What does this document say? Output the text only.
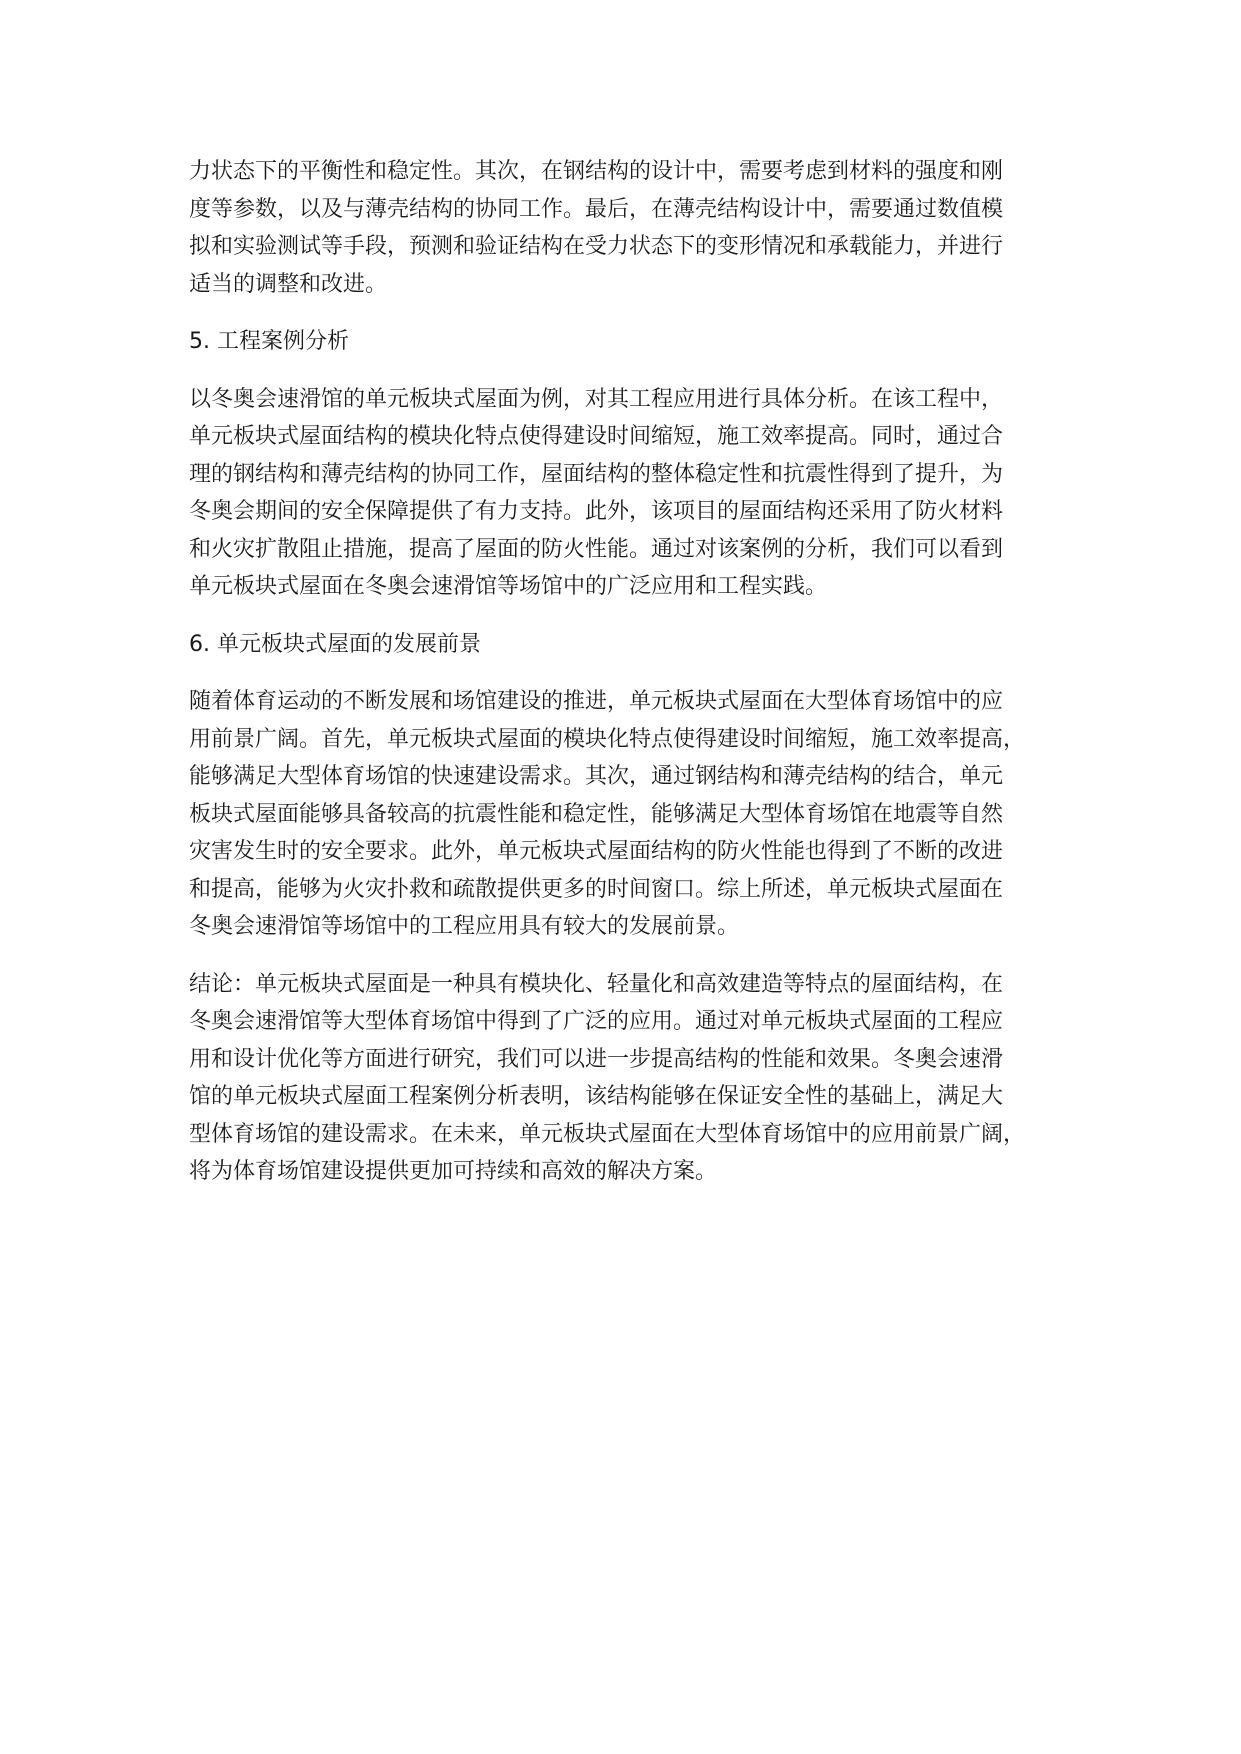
力状态下的平衡性和稳定性。其次，在钢结构的设计中，需要考虑到材料的强度和刚
度等参数，以及与薄壳结构的协同工作。最后，在薄壳结构设计中，需要通过数值模
拟和实验测试等手段，预测和验证结构在受力状态下的变形情况和承载能力，并进行
适当的调整和改进。
5. 工程案例分析
以冬奥会速滑馆的单元板块式屋面为例，对其工程应用进行具体分析。在该工程中，
单元板块式屋面结构的模块化特点使得建设时间缩短，施工效率提高。同时，通过合
理的钢结构和薄壳结构的协同工作，屋面结构的整体稳定性和抗震性得到了提升，为
冬奥会期间的安全保障提供了有力支持。此外，该项目的屋面结构还采用了防火材料
和火灾扩散阻止措施，提高了屋面的防火性能。通过对该案例的分析，我们可以看到
单元板块式屋面在冬奥会速滑馆等场馆中的广泛应用和工程实践。
6. 单元板块式屋面的发展前景
随着体育运动的不断发展和场馆建设的推进，单元板块式屋面在大型体育场馆中的应
用前景广阔。首先，单元板块式屋面的模块化特点使得建设时间缩短，施工效率提高，
能够满足大型体育场馆的快速建设需求。其次，通过钢结构和薄壳结构的结合，单元
板块式屋面能够具备较高的抗震性能和稳定性，能够满足大型体育场馆在地震等自然
灾害发生时的安全要求。此外，单元板块式屋面结构的防火性能也得到了不断的改进
和提高，能够为火灾扑救和疏散提供更多的时间窗口。综上所述，单元板块式屋面在
冬奥会速滑馆等场馆中的工程应用具有较大的发展前景。
结论：单元板块式屋面是一种具有模块化、轻量化和高效建造等特点的屋面结构，在
冬奥会速滑馆等大型体育场馆中得到了广泛的应用。通过对单元板块式屋面的工程应
用和设计优化等方面进行研究，我们可以进一步提高结构的性能和效果。冬奥会速滑
馆的单元板块式屋面工程案例分析表明，该结构能够在保证安全性的基础上，满足大
型体育场馆的建设需求。在未来，单元板块式屋面在大型体育场馆中的应用前景广阔，
将为体育场馆建设提供更加可持续和高效的解决方案。
